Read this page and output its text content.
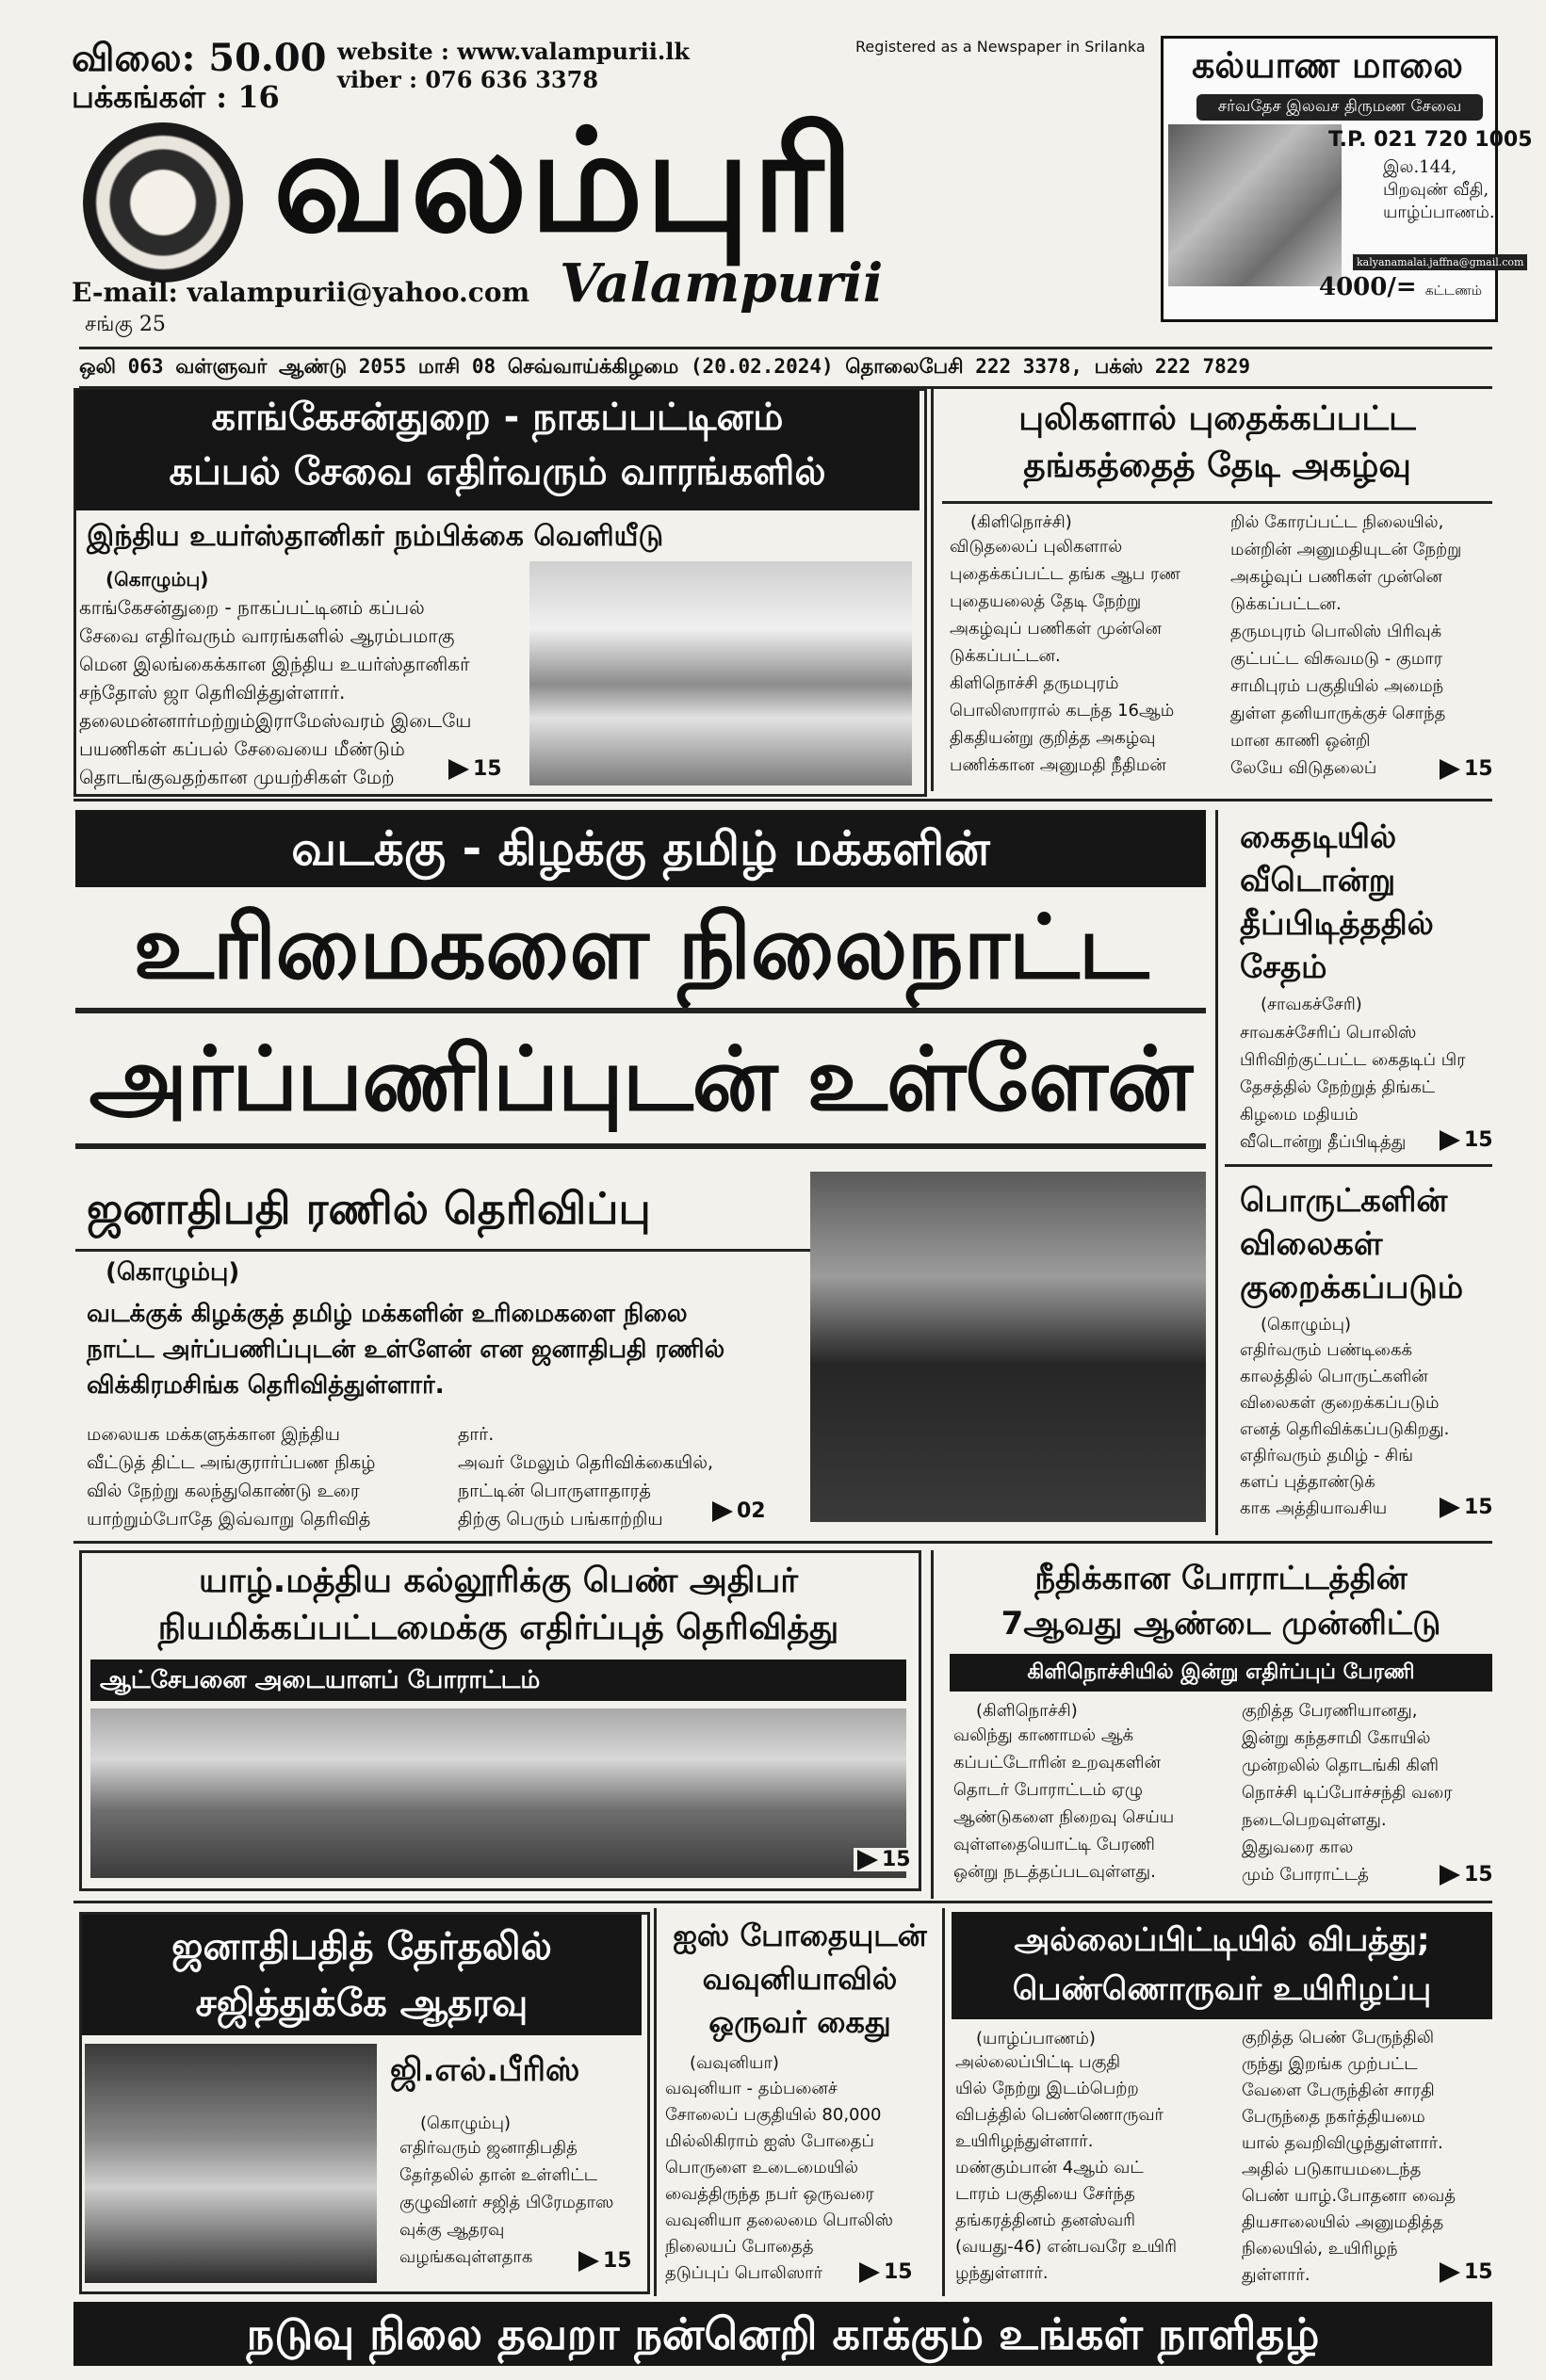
விலை: 50.00
பக்கங்கள் : 16
website : www.valampurii.lk
viber : 076 636 3378
Registered as a Newspaper in Srilanka
வலம்புரி
Valampurii
E-mail: valampurii@yahoo.com
சங்கு 25
கல்யாண மாலை
சர்வதேச இலவச திருமண சேவை
T.P. 021 720 1005
இல.144,
பிறவுண் வீதி,
யாழ்ப்பாணம்.
kalyanamalai.jaffna@gmail.com
4000/= கட்டணம்
ஒலி 063 வள்ளுவர் ஆண்டு 2055 மாசி 08 செவ்வாய்க்கிழமை (20.02.2024) தொலைபேசி 222 3378, பக்ஸ் 222 7829
காங்கேசன்துறை - நாகப்பட்டினம்
கப்பல் சேவை எதிர்வரும் வாரங்களில்
இந்திய உயர்ஸ்தானிகர் நம்பிக்கை வெளியீடு
(கொழும்பு)
காங்கேசன்துறை - நாகப்பட்டினம் கப்பல்
சேவை எதிர்வரும் வாரங்களில் ஆரம்பமாகு
மென இலங்கைக்கான இந்திய உயர்ஸ்தானிகர்
சந்தோஸ் ஜா தெரிவித்துள்ளார்.
தலைமன்னார்மற்றும்இராமேஸ்வரம் இடையே
பயணிகள் கப்பல் சேவையை மீண்டும்
தொடங்குவதற்கான முயற்சிகள் மேற்	15
புலிகளால் புதைக்கப்பட்ட
தங்கத்தைத் தேடி அகழ்வு
(கிளிநொச்சி)
விடுதலைப் புலிகளால்
புதைக்கப்பட்ட தங்க ஆப ரண
புதையலைத் தேடி நேற்று
அகழ்வுப் பணிகள் முன்னெ
டுக்கப்பட்டன.
கிளிநொச்சி தருமபுரம்
பொலிஸாரால் கடந்த 16ஆம்
திகதியன்று குறித்த அகழ்வு
பணிக்கான அனுமதி நீதிமன்
றில் கோரப்பட்ட நிலையில்,
மன்றின் அனுமதியுடன் நேற்று
அகழ்வுப் பணிகள் முன்னெ
டுக்கப்பட்டன.
தருமபுரம் பொலிஸ் பிரிவுக்
குட்பட்ட விசுவமடு - குமார
சாமிபுரம் பகுதியில் அமைந்
துள்ள தனியாருக்குச் சொந்த
மான காணி ஒன்றி
லேயே விடுதலைப்	15
வடக்கு - கிழக்கு தமிழ் மக்களின்
உரிமைகளை நிலைநாட்ட
அர்ப்பணிப்புடன் உள்ளேன்
ஜனாதிபதி ரணில் தெரிவிப்பு
(கொழும்பு)
வடக்குக் கிழக்குத் தமிழ் மக்களின் உரிமைகளை நிலை
நாட்ட அர்ப்பணிப்புடன் உள்ளேன் என ஜனாதிபதி ரணில்
விக்கிரமசிங்க தெரிவித்துள்ளார்.
மலையக மக்களுக்கான இந்திய
வீட்டுத் திட்ட அங்குரார்ப்பண நிகழ்
வில் நேற்று கலந்துகொண்டு உரை
யாற்றும்போதே இவ்வாறு தெரிவித்
தார்.
அவர் மேலும் தெரிவிக்கையில்,
நாட்டின் பொருளாதாரத்
திற்கு பெரும் பங்காற்றிய	02
கைதடியில்
வீடொன்று
தீப்பிடித்ததில்
சேதம்
(சாவகச்சேரி)
சாவகச்சேரிப் பொலிஸ்
பிரிவிற்குட்பட்ட கைதடிப் பிர
தேசத்தில் நேற்றுத் திங்கட்
கிழமை மதியம்
வீடொன்று தீப்பிடித்து	15
பொருட்களின்
விலைகள்
குறைக்கப்படும்
(கொழும்பு)
எதிர்வரும் பண்டிகைக்
காலத்தில் பொருட்களின்
விலைகள் குறைக்கப்படும்
எனத் தெரிவிக்கப்படுகிறது.
எதிர்வரும் தமிழ் - சிங்
களப் புத்தாண்டுக்
காக அத்தியாவசிய	15
யாழ்.மத்திய கல்லூரிக்கு பெண் அதிபர்
நியமிக்கப்பட்டமைக்கு எதிர்ப்புத் தெரிவித்து
ஆட்சேபனை அடையாளப் போராட்டம்
15
நீதிக்கான போராட்டத்தின்
7ஆவது ஆண்டை முன்னிட்டு
கிளிநொச்சியில் இன்று எதிர்ப்புப் பேரணி
(கிளிநொச்சி)
வலிந்து காணாமல் ஆக்
கப்பட்டோரின் உறவுகளின்
தொடர் போராட்டம் ஏழு
ஆண்டுகளை நிறைவு செய்ய
வுள்ளதையொட்டி பேரணி
ஒன்று நடத்தப்படவுள்ளது.
குறித்த பேரணியானது,
இன்று கந்தசாமி கோயில்
முன்றலில் தொடங்கி கிளி
நொச்சி டிப்போச்சந்தி வரை
நடைபெறவுள்ளது.
இதுவரை கால
மும் போராட்டத்	15
ஜனாதிபதித் தேர்தலில்
சஜித்துக்கே ஆதரவு
ஜி.எல்.பீரிஸ்
(கொழும்பு)
எதிர்வரும் ஜனாதிபதித்
தேர்தலில் தான் உள்ளிட்ட
குழுவினர் சஜித் பிரேமதாஸ
வுக்கு ஆதரவு
வழங்கவுள்ளதாக	15
ஐஸ் போதையுடன்
வவுனியாவில்
ஒருவர் கைது
(வவுனியா)
வவுனியா - தம்பனைச்
சோலைப் பகுதியில் 80,000
மில்லிகிராம் ஐஸ் போதைப்
பொருளை உடைமையில்
வைத்திருந்த நபர் ஒருவரை
வவுனியா தலைமை பொலிஸ்
நிலையப் போதைத்
தடுப்புப் பொலிஸார்	15
அல்லைப்பிட்டியில் விபத்து;
பெண்ணொருவர் உயிரிழப்பு
(யாழ்ப்பாணம்)
அல்லைப்பிட்டி பகுதி
யில் நேற்று இடம்பெற்ற
விபத்தில் பெண்ணொருவர்
உயிரிழந்துள்ளார்.
மண்கும்பான் 4ஆம் வட்
டாரம் பகுதியை சேர்ந்த
தங்கரத்தினம் தனஸ்வரி
(வயது-46) என்பவரே உயிரி
ழந்துள்ளார்.
குறித்த பெண் பேருந்திலி
ருந்து இறங்க முற்பட்ட
வேளை பேருந்தின் சாரதி
பேருந்தை நகர்த்தியமை
யால் தவறிவிழுந்துள்ளார்.
அதில் படுகாயமடைந்த
பெண் யாழ்.போதனா வைத்
தியசாலையில் அனுமதித்த
நிலையில், உயிரிழந்
துள்ளார்.	15
நடுவு நிலை தவறா நன்னெறி காக்கும் உங்கள் நாளிதழ்
